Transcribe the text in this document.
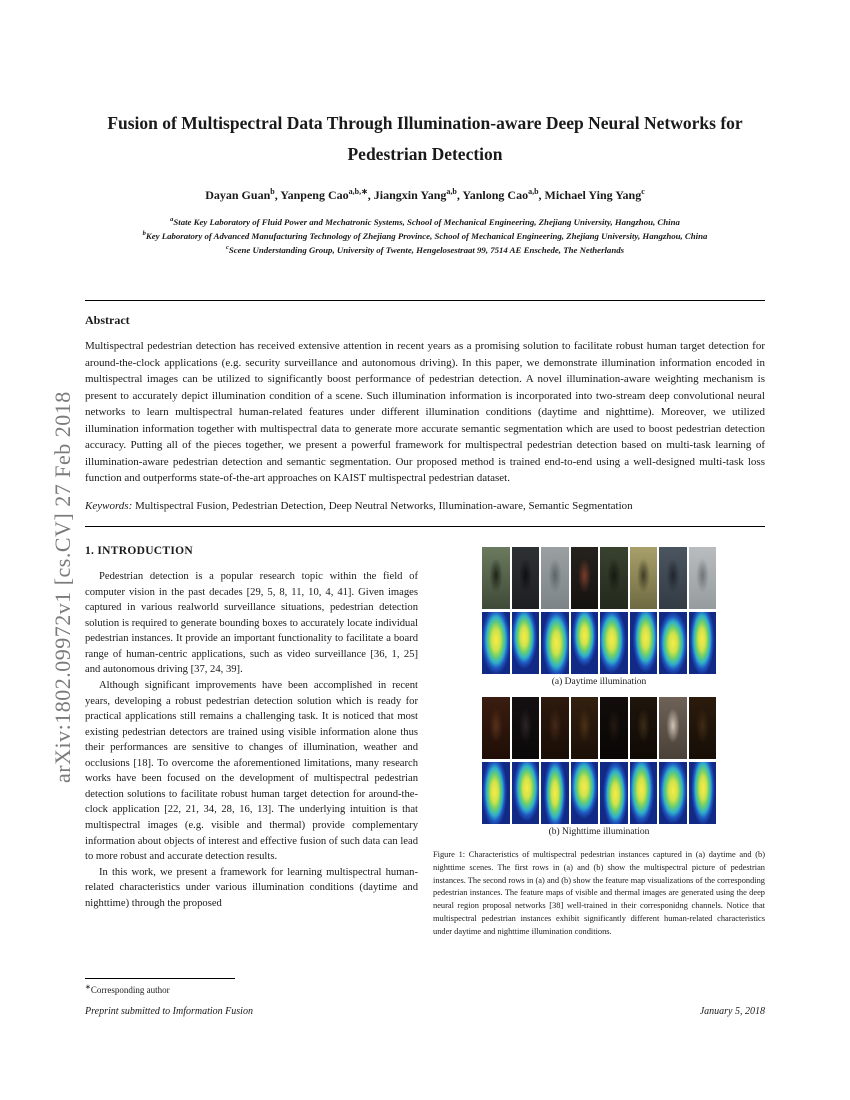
arXiv:1802.09972v1 [cs.CV] 27 Feb 2018
Fusion of Multispectral Data Through Illumination-aware Deep Neural Networks for Pedestrian Detection
Dayan Guan$^b$, Yanpeng Cao$^{a,b,∗}$, Jiangxin Yang$^{a,b}$, Yanlong Cao$^{a,b}$, Michael Ying Yang$^c$
$^a$State Key Laboratory of Fluid Power and Mechatronic Systems, School of Mechanical Engineering, Zhejiang University, Hangzhou, China
$^b$Key Laboratory of Advanced Manufacturing Technology of Zhejiang Province, School of Mechanical Engineering, Zhejiang University, Hangzhou, China
$^c$Scene Understanding Group, University of Twente, Hengelosestraat 99, 7514 AE Enschede, The Netherlands
Abstract

Multispectral pedestrian detection has received extensive attention in recent years as a promising solution to facilitate robust human target detection for around-the-clock applications (e.g. security surveillance and autonomous driving). In this paper, we demonstrate illumination information encoded in multispectral images can be utilized to significantly boost performance of pedestrian detection. A novel illumination-aware weighting mechanism is present to accurately depict illumination condition of a scene. Such illumination information is incorporated into two-stream deep convolutional neural networks to learn multispectral human-related features under different illumination conditions (daytime and nighttime). Moreover, we utilized illumination information together with multispectral data to generate more accurate semantic segmentation which are used to boost pedestrian detection accuracy. Putting all of the pieces together, we present a powerful framework for multispectral pedestrian detection based on multi-task learning of illumination-aware pedestrian detection and semantic segmentation. Our proposed method is trained end-to-end using a well-designed multi-task loss function and outperforms state-of-the-art approaches on KAIST multispectral pedestrian dataset.

Keywords: Multispectral Fusion, Pedestrian Detection, Deep Neutral Networks, Illumination-aware, Semantic Segmentation
1. INTRODUCTION

Pedestrian detection is a popular research topic within the field of computer vision in the past decades [29, 5, 8, 11, 10, 4, 41]. Given images captured in various realworld surveillance situations, pedestrian detection solution is required to generate bounding boxes to accurately locate individual pedestrian instances. It provide an important functionality to facilitate a board range of human-centric applications, such as video surveillance [36, 1, 25] and autonomous driving [37, 24, 39].

Although significant improvements have been accomplished in recent years, developing a robust pedestrian detection solution which is ready for practical applications still remains a challenging task. It is noticed that most existing pedestrian detectors are trained using visible information alone thus their performances are sensitive to changes of illumination, weather and occlusions [18]. To overcome the aforementioned limitations, many research works have been focused on the development of multispectral pedestrian detection solutions to facilitate robust human target detection for around-the-clock application [22, 21, 34, 28, 16, 13]. The underlying intuition is that multispectral images (e.g. visible and thermal) provide complementary information about objects of interest and effective fusion of such data can lead to more robust and accurate detection results.

In this work, we present a framework for learning multispectral human-related characteristics under various illumination conditions (daytime and nighttime) through the proposed

(a) Daytime illumination
(b) Nighttime illumination

Figure 1: Characteristics of multispectral pedestrian instances captured in (a) daytime and (b) nighttime scenes. The first rows in (a) and (b) show the multispectral picture of pedestrian instances. The second rows in (a) and (b) show the feature map visualizations of the corresponding pedestrian instances. The feature maps of visible and thermal images are generated using the deep neural region proposal networks [38] well-trained in their corresponidng channels. Notice that multispectral pedestrian instances exhibit significantly different human-related characteristics under daytime and nighttime illumination conditions.

∗Corresponding author
Preprint submitted to Imformation Fusion	January 5, 2018
